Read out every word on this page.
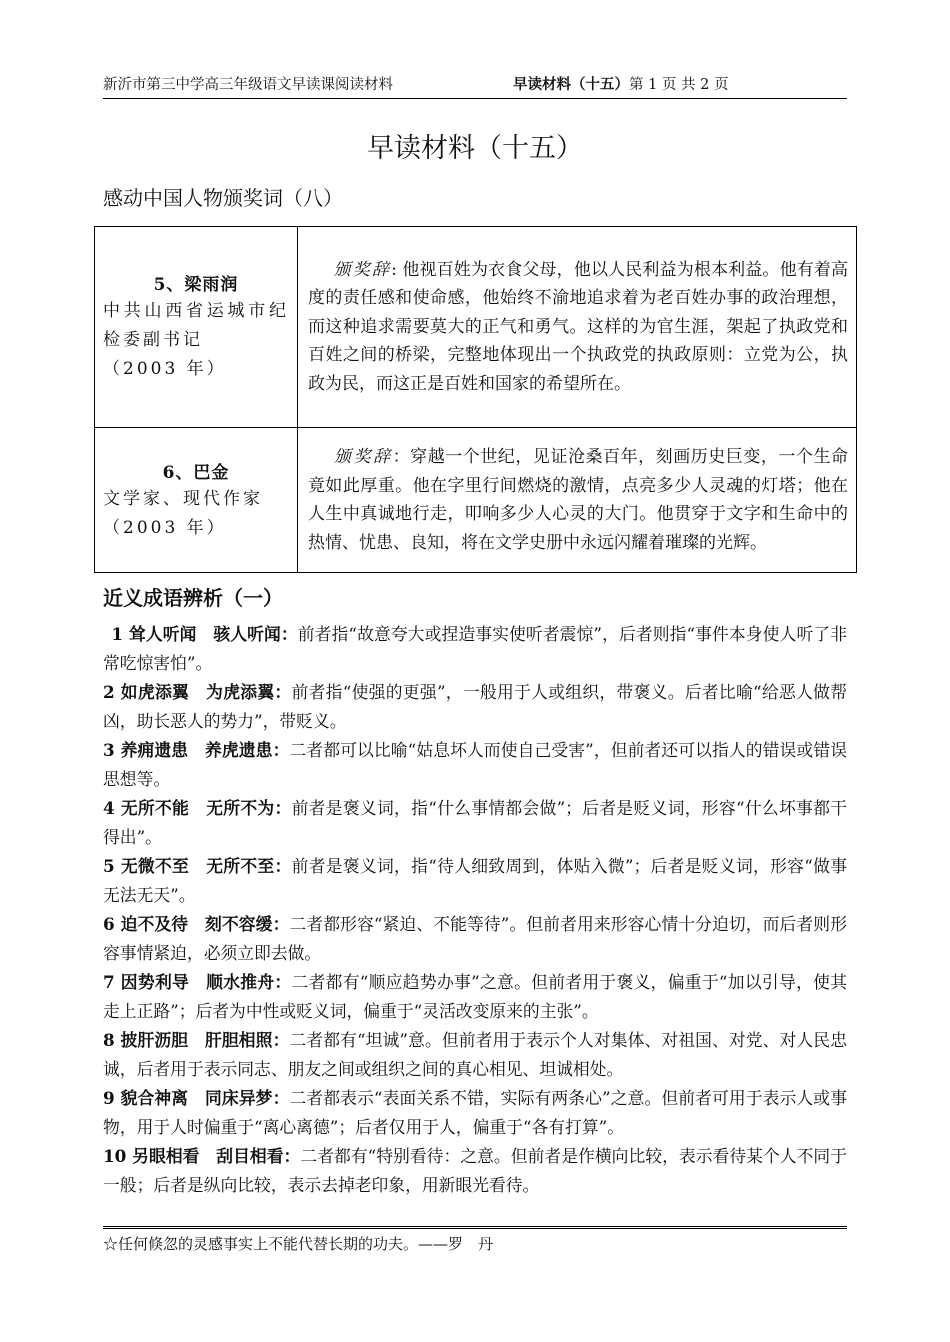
新沂市第三中学高三年级语文早读课阅读材料	早读材料（十五）第 1 页 共 2 页
早读材料（十五）
感动中国人物颁奖词（八）
5、梁雨润
中共山西省运城市纪检委副书记
（2003 年）
	  颁奖辞: 他视百姓为衣食父母，他以人民利益为根本利益。他有着高度的责任感和使命感，他始终不渝地追求着为老百姓办事的政治理想，而这种追求需要莫大的正气和勇气。这样的为官生涯，架起了执政党和百姓之间的桥梁，完整地体现出一个执政党的执政原则：立党为公，执政为民，而这正是百姓和国家的希望所在。

6、巴金
文学家、现代作家
（2003 年）
	  颁奖辞：穿越一个世纪，见证沧桑百年，刻画历史巨变，一个生命竟如此厚重。他在字里行间燃烧的激情，点亮多少人灵魂的灯塔；他在人生中真诚地行走，叩响多少人心灵的大门。他贯穿于文字和生命中的热情、忧患、良知，将在文学史册中永远闪耀着璀璨的光辉。
近义成语辨析（一）
 1 耸人听闻　骇人听闻：前者指“故意夸大或捏造事实使听者震惊”，后者则指“事件本身使人听了非常吃惊害怕”。
2 如虎添翼　为虎添翼：前者指“使强的更强”，一般用于人或组织，带褒义。后者比喻“给恶人做帮凶，助长恶人的势力”，带贬义。
3 养痈遗患　养虎遗患：二者都可以比喻“姑息坏人而使自己受害”，但前者还可以指人的错误或错误思想等。
4 无所不能　无所不为：前者是褒义词，指“什么事情都会做”；后者是贬义词，形容“什么坏事都干得出”。
5 无微不至　无所不至：前者是褒义词，指“待人细致周到，体贴入微”；后者是贬义词，形容“做事无法无天”。
6 迫不及待　刻不容缓：二者都形容“紧迫、不能等待”。但前者用来形容心情十分迫切，而后者则形容事情紧迫，必须立即去做。
7 因势利导　顺水推舟：二者都有“顺应趋势办事”之意。但前者用于褒义，偏重于“加以引导，使其走上正路”；后者为中性或贬义词，偏重于“灵活改变原来的主张”。
8 披肝沥胆　肝胆相照：二者都有“坦诚”意。但前者用于表示个人对集体、对祖国、对党、对人民忠诚，后者用于表示同志、朋友之间或组织之间的真心相见、坦诚相处。
9 貌合神离　同床异梦：二者都表示“表面关系不错，实际有两条心”之意。但前者可用于表示人或事物，用于人时偏重于“离心离德”；后者仅用于人，偏重于“各有打算”。
10 另眼相看　刮目相看：二者都有“特别看待：之意。但前者是作横向比较，表示看待某个人不同于一般；后者是纵向比较，表示去掉老印象，用新眼光看待。
☆任何倏忽的灵感事实上不能代替长期的功夫。——罗　丹
